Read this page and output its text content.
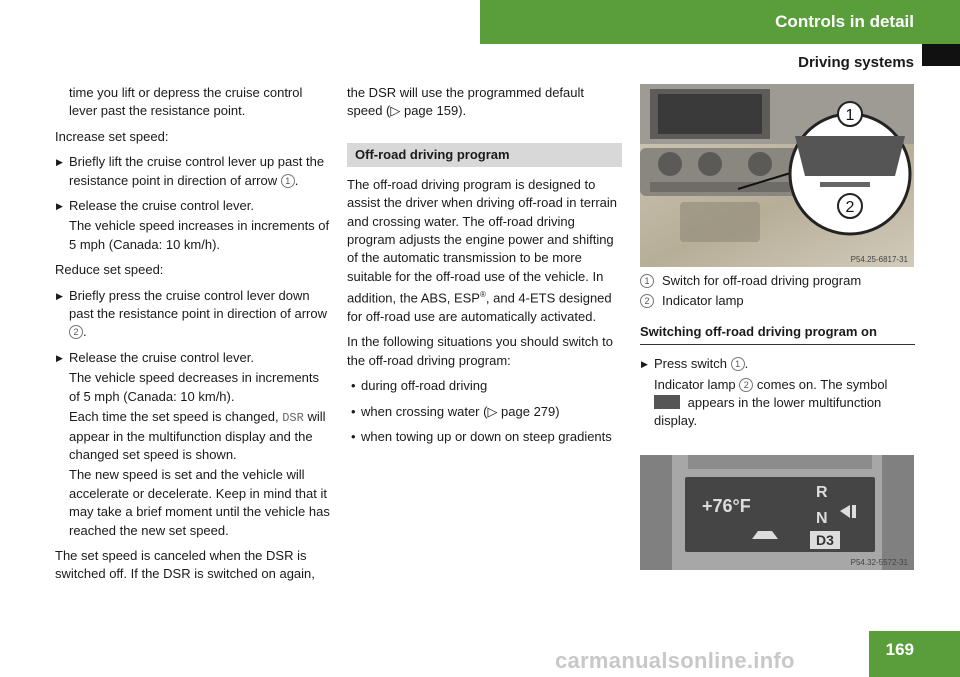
Controls in detail
Driving systems

time you lift or depress the cruise control lever past the resistance point.

Increase set speed:

▶ Briefly lift the cruise control lever up past the resistance point in direction of arrow 1 .

▶ Release the cruise control lever.

The vehicle speed increases in increments of 5 mph (Canada: 10 km/h).

Reduce set speed:

▶ Briefly press the cruise control lever down past the resistance point in direction of arrow 2 .

▶ Release the cruise control lever.

The vehicle speed decreases in increments of 5 mph (Canada: 10 km/h).

Each time the set speed is changed, DSR will appear in the multifunction display and the changed set speed is shown.

The new speed is set and the vehicle will accelerate or decelerate. Keep in mind that it may take a brief moment until the vehicle has reached the new set speed.

The set speed is canceled when the DSR is switched off. If the DSR is switched on again,

the DSR will use the programmed default speed (▷ page 159).

Off-road driving program

The off-road driving program is designed to assist the driver when driving off-road in terrain and crossing water. The off-road driving program adjusts the engine power and shifting of the automatic transmission to be more suitable for the off-road use of the vehicle. In addition, the ABS, ESP®, and 4-ETS designed for off-road use are automatically activated.

In the following situations you should switch to the off-road driving program:

• during off-road driving

• when crossing water (▷ page 279)

• when towing up or down on steep gradients

1
2
P54.25-6817-31

1 Switch for off-road driving program

2 Indicator lamp

Switching off-road driving program on

▶ Press switch 1 .

Indicator lamp 2 comes on. The symbol
appears in the lower multifunction display.

+76°F
R
N
D3
P54.32-5572-31
carmanualsonline.info	169
